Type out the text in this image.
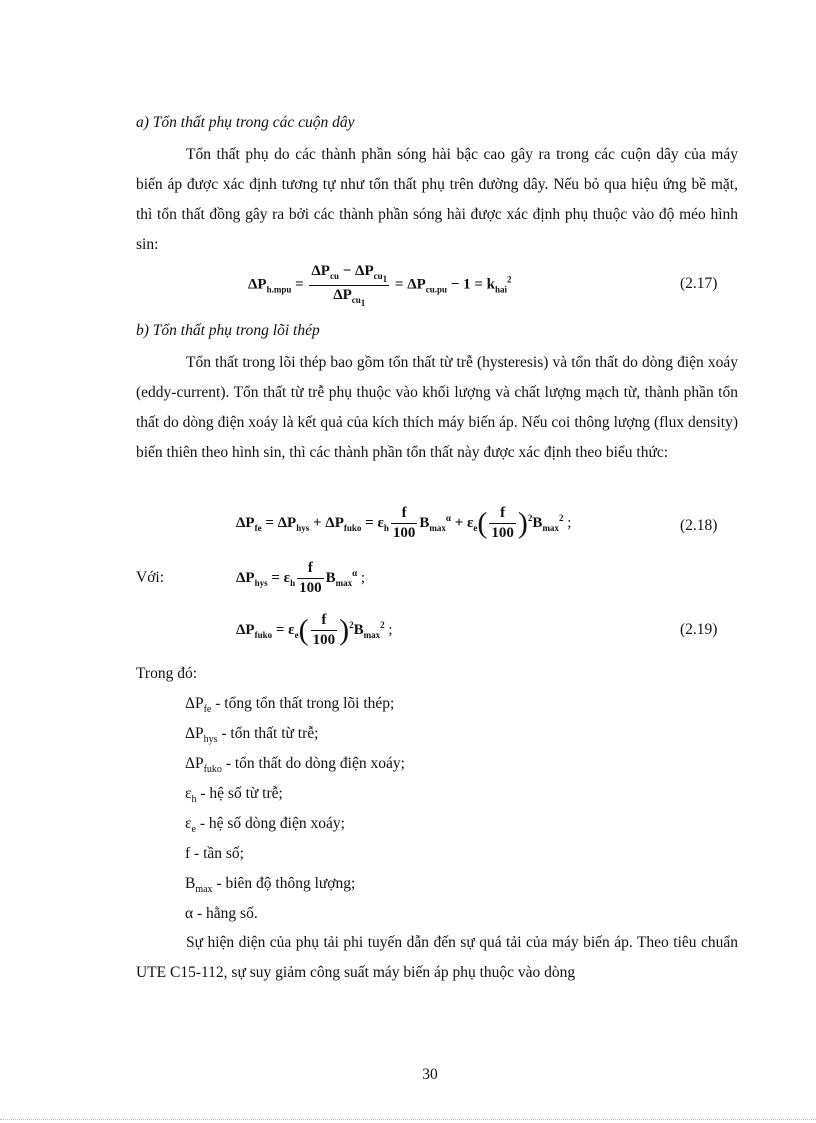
a) Tổn thất phụ trong các cuộn dây
Tổn thất phụ do các thành phần sóng hài bậc cao gây ra trong các cuộn dây của máy biến áp được xác định tương tự như tổn thất phụ trên đường dây. Nếu bỏ qua hiệu ứng bề mặt, thì tổn thất đồng gây ra bởi các thành phần sóng hài được xác định phụ thuộc vào độ méo hình sin:
$\Delta P_{h.mpu} = \frac{\Delta P_{cu} - \Delta P_{cu_1}}{\Delta P_{cu_1}} = \Delta P_{cu.pu} - 1 = k_{hai}^2$	(2.17)
b) Tổn thất phụ trong lõi thép
Tổn thất trong lõi thép bao gồm tổn thất từ trễ (hysteresis) và tổn thất do dòng điện xoáy (eddy-current). Tổn thất từ trễ phụ thuộc vào khối lượng và chất lượng mạch từ, thành phần tổn thất do dòng điện xoáy là kết quả của kích thích máy biến áp. Nếu coi thông lượng (flux density) biến thiên theo hình sin, thì các thành phần tổn thất này được xác định theo biểu thức:
$\Delta P_{fe} = \Delta P_{hys} + \Delta P_{fuko} = \varepsilon_h \frac{f}{100} B_{max}^\alpha + \varepsilon_e( \frac{f}{100} )^2B_{max}^2$ ;	(2.18)
Với:	$\Delta P_{hys} = \varepsilon_h \frac{f}{100} B_{max}^\alpha$ ;
$\Delta P_{fuko} = \varepsilon_e( \frac{f}{100} )^2B_{max}^2$ ;	(2.19)
Trong đó:
$\Delta P_{fe}$ - tổng tổn thất trong lõi thép;
$\Delta P_{hys}$ - tổn thất từ trễ;
$\Delta P_{fuko}$ - tổn thất do dòng điện xoáy;
$\varepsilon_h$ - hệ số từ trễ;
$\varepsilon_e$ - hệ số dòng điện xoáy;
f - tần số;
$B_{max}$ - biên độ thông lượng;
α - hằng số.
Sự hiện diện của phụ tải phi tuyến dẫn đến sự quá tải của máy biến áp. Theo tiêu chuẩn UTE C15-112, sự suy giảm công suất máy biến áp phụ thuộc vào dòng
30
